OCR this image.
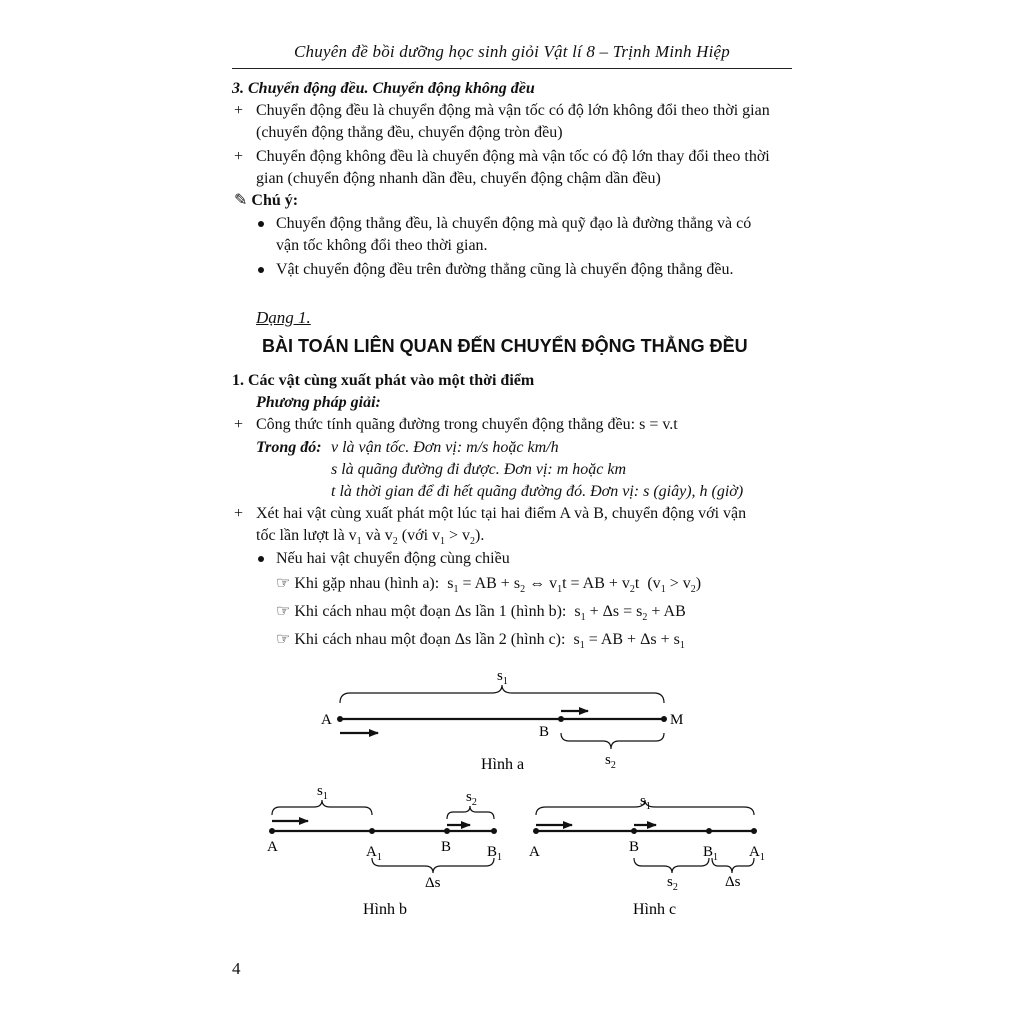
Chuyên đề bồi dưỡng học sinh giỏi Vật lí 8 – Trịnh Minh Hiệp
3. Chuyển động đều. Chuyển động không đều
+ Chuyển động đều là chuyển động mà vận tốc có độ lớn không đổi theo thời gian
(chuyển động thẳng đều, chuyển động tròn đều)
+ Chuyển động không đều là chuyển động mà vận tốc có độ lớn thay đổi theo thời
gian (chuyển động nhanh dần đều, chuyển động chậm dần đều)
✎ Chú ý:
Chuyển động thẳng đều, là chuyển động mà quỹ đạo là đường thẳng và có
vận tốc không đổi theo thời gian.
Vật chuyển động đều trên đường thẳng cũng là chuyển động thẳng đều.
Dạng 1.
BÀI TOÁN LIÊN QUAN ĐẾN CHUYỂN ĐỘNG THẲNG ĐỀU
1. Các vật cùng xuất phát vào một thời điểm
Phương pháp giải:
+ Công thức tính quãng đường trong chuyển động thẳng đều: s = v.t
Trong đó: v là vận tốc. Đơn vị: m/s hoặc km/h
s là quãng đường đi được. Đơn vị: m hoặc km
t là thời gian để đi hết quãng đường đó. Đơn vị: s (giây), h (giờ)
+ Xét hai vật cùng xuất phát một lúc tại hai điểm A và B, chuyển động với vận
tốc lần lượt là $v_1$ và $v_2$ (với $v_1 > v_2$).
Nếu hai vật chuyển động cùng chiều
☞ Khi gặp nhau (hình a):  $s_1$ = AB + $s_2$ ⇔ $v_1t$ = AB + $v_2t$  $(v_1 > v_2)$
☞ Khi cách nhau một đoạn Δs lần 1 (hình b):  $s_1 + \Delta s = s_2$ + AB
☞ Khi cách nhau một đoạn Δs lần 2 (hình c):  $s_1$ = AB + $\Delta s + s_1$
A
B
M
$s_1$
$s_2$
Hình a
A	$A_1$
B $B_1$
$s_1$	$s_2$
Δs
Hình b
A	B	$B_1$ $A_1$
$s_1$
$s_2$	Δs
Hình c
4
